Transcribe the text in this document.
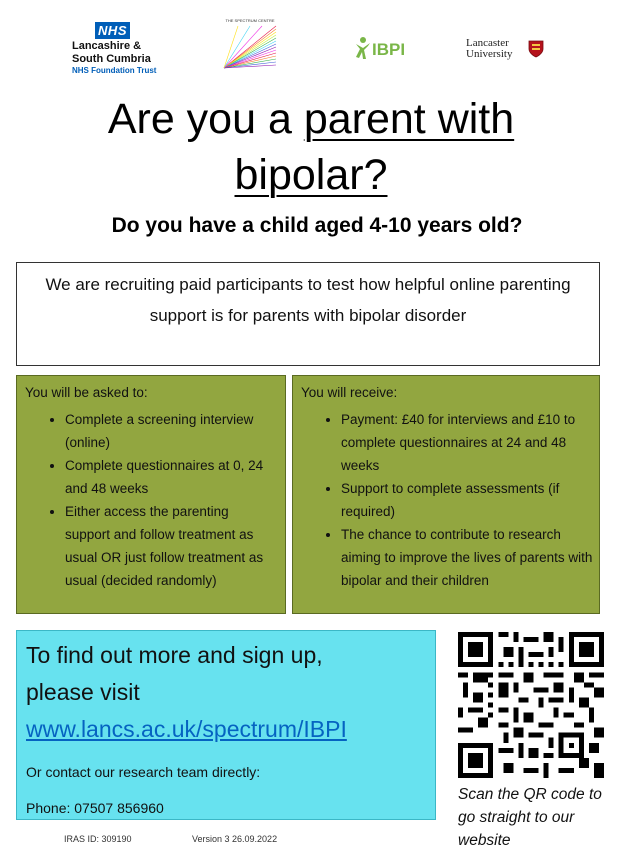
NHS
Lancashire &
South Cumbria
NHS Foundation Trust
THE SPECTRUM CENTRE
IBPI	Lancaster
University
Are you a parent with
bipolar?
Do you have a child aged 4-10 years old?
We are recruiting paid participants to test how helpful online parenting support is for parents with bipolar disorder
You will be asked to:
• Complete a screening interview (online)
• Complete questionnaires at 0, 24 and 48 weeks
• Either access the parenting support and follow treatment as usual OR just follow treatment as usual (decided randomly)
You will receive:
• Payment: £40 for interviews and £10 to complete questionnaires at 24 and 48 weeks
• Support to complete assessments (if required)
• The chance to contribute to research aiming to improve the lives of parents with bipolar and their children
To find out more and sign up,
please visit
www.lancs.ac.uk/spectrum/IBPI
Or contact our research team directly:
Phone: 07507 856960
Scan the QR code to go straight to our website
IRAS ID: 309190	Version 3 26.09.2022
